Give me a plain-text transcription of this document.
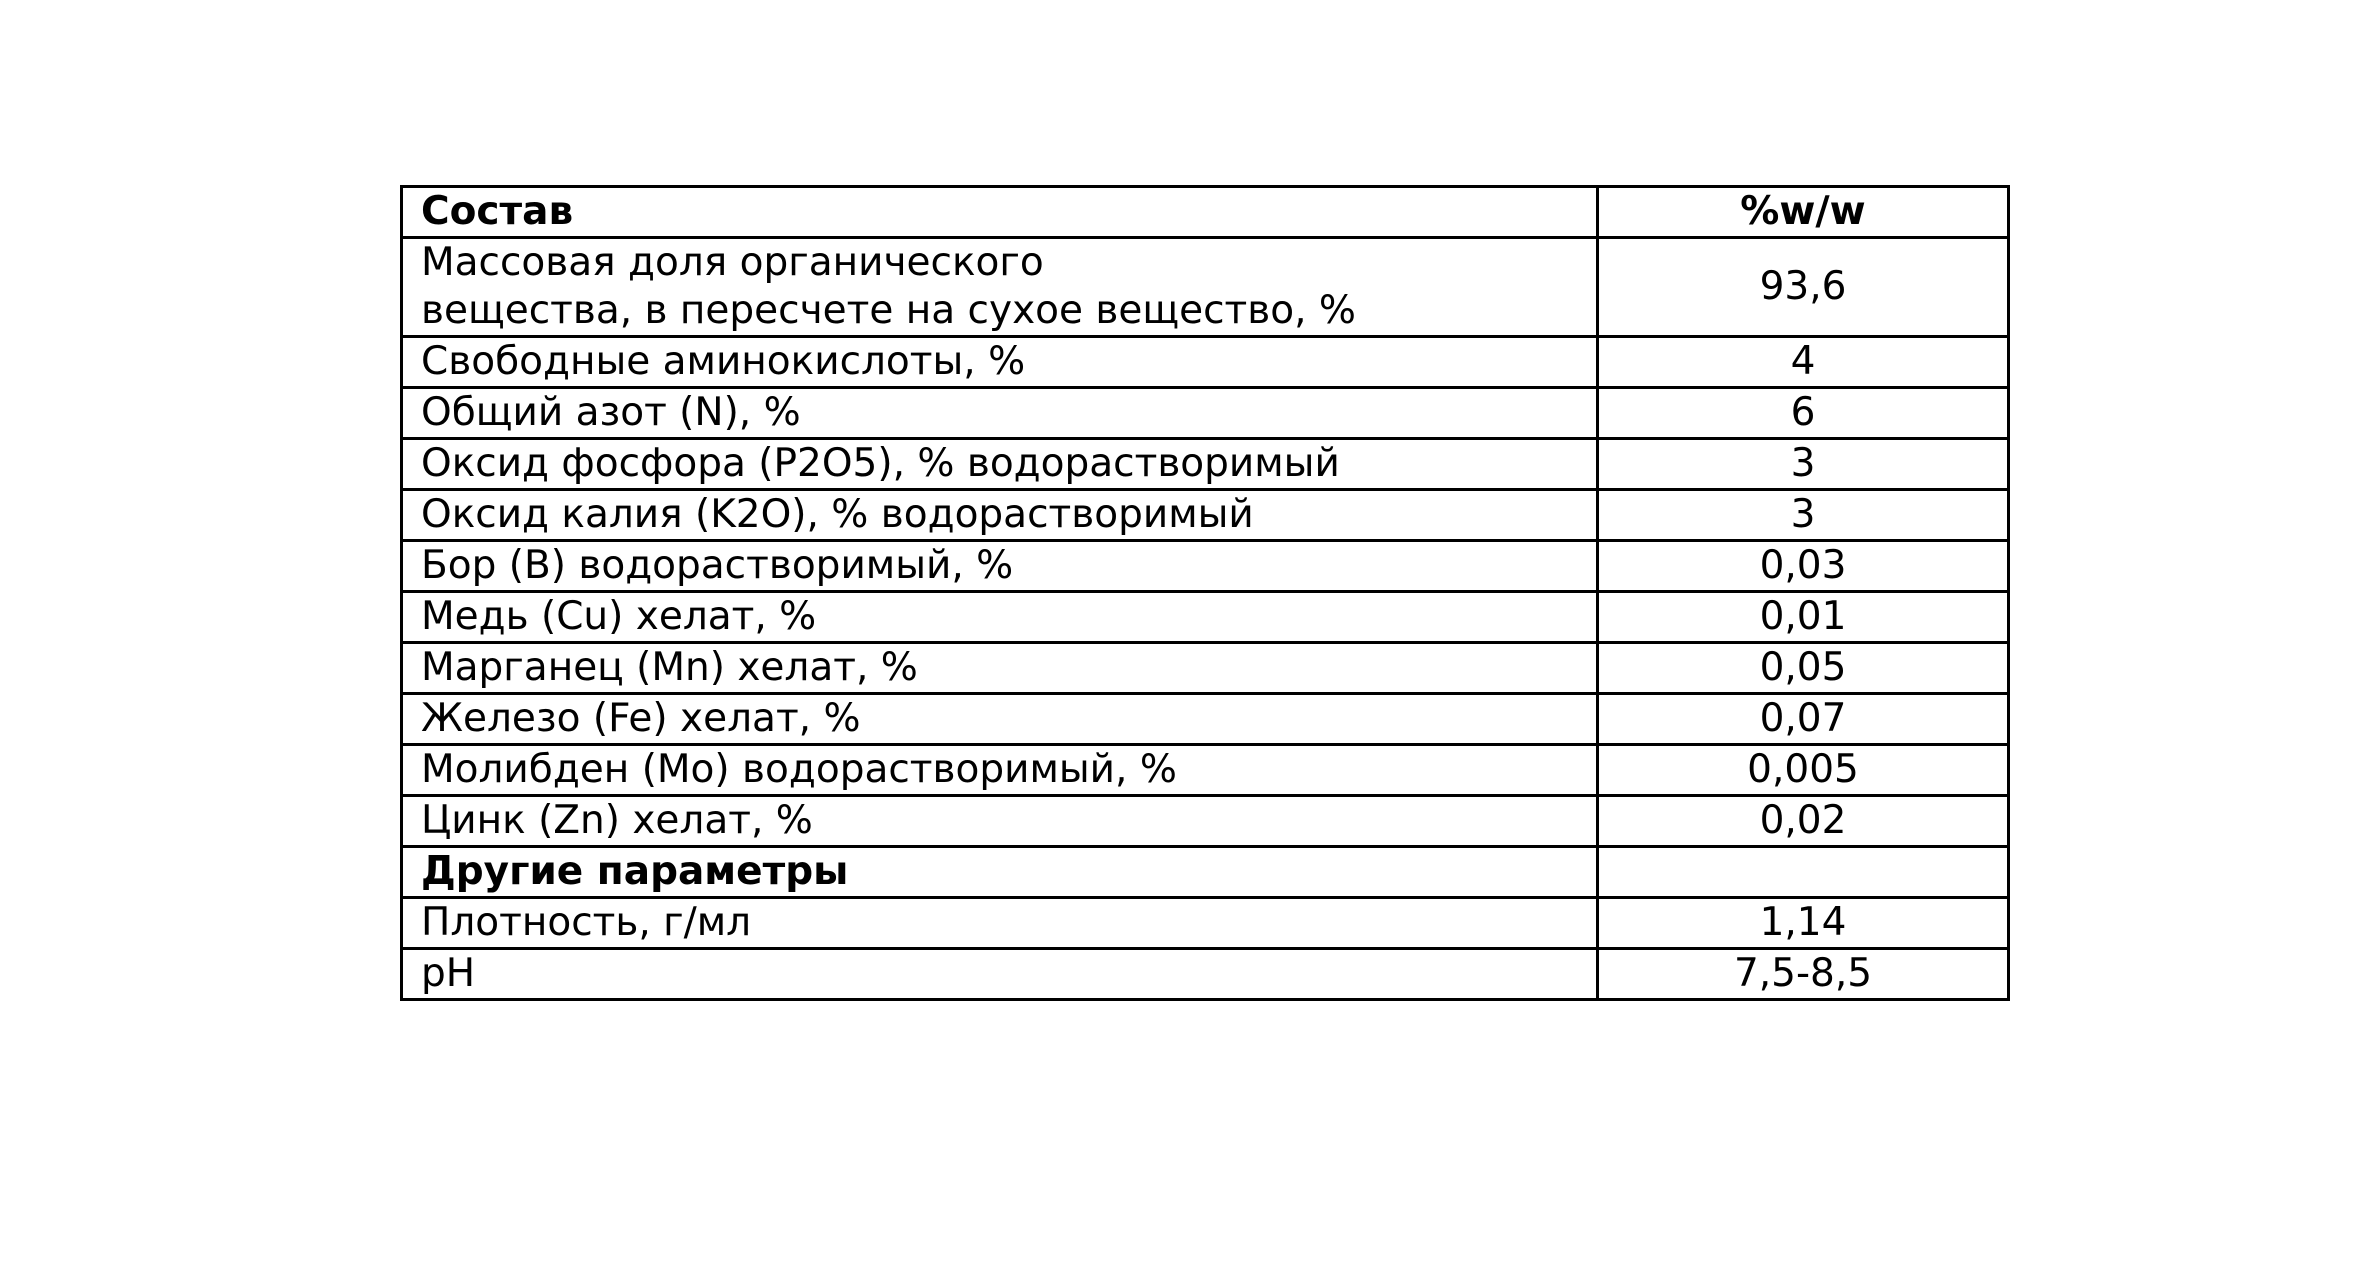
Состав	%w/w

Массовая доля органического
вещества, в пересчете на сухое вещество, %	93,6
Свободные аминокислоты, %	4
Общий азот (N), %	6
Оксид фосфора (P2O5), % водорастворимый	3
Оксид калия (K2O), % водорастворимый	3
Бор (B) водорастворимый, %	0,03
Медь (Cu) хелат, %	0,01
Марганец (Mn) хелат, %	0,05
Железо (Fe) хелат, %	0,07
Молибден (Mo) водорастворимый, %	0,005
Цинк (Zn) хелат, %	0,02
Другие параметры	
Плотность, г/мл	1,14
pH	7,5-8,5
